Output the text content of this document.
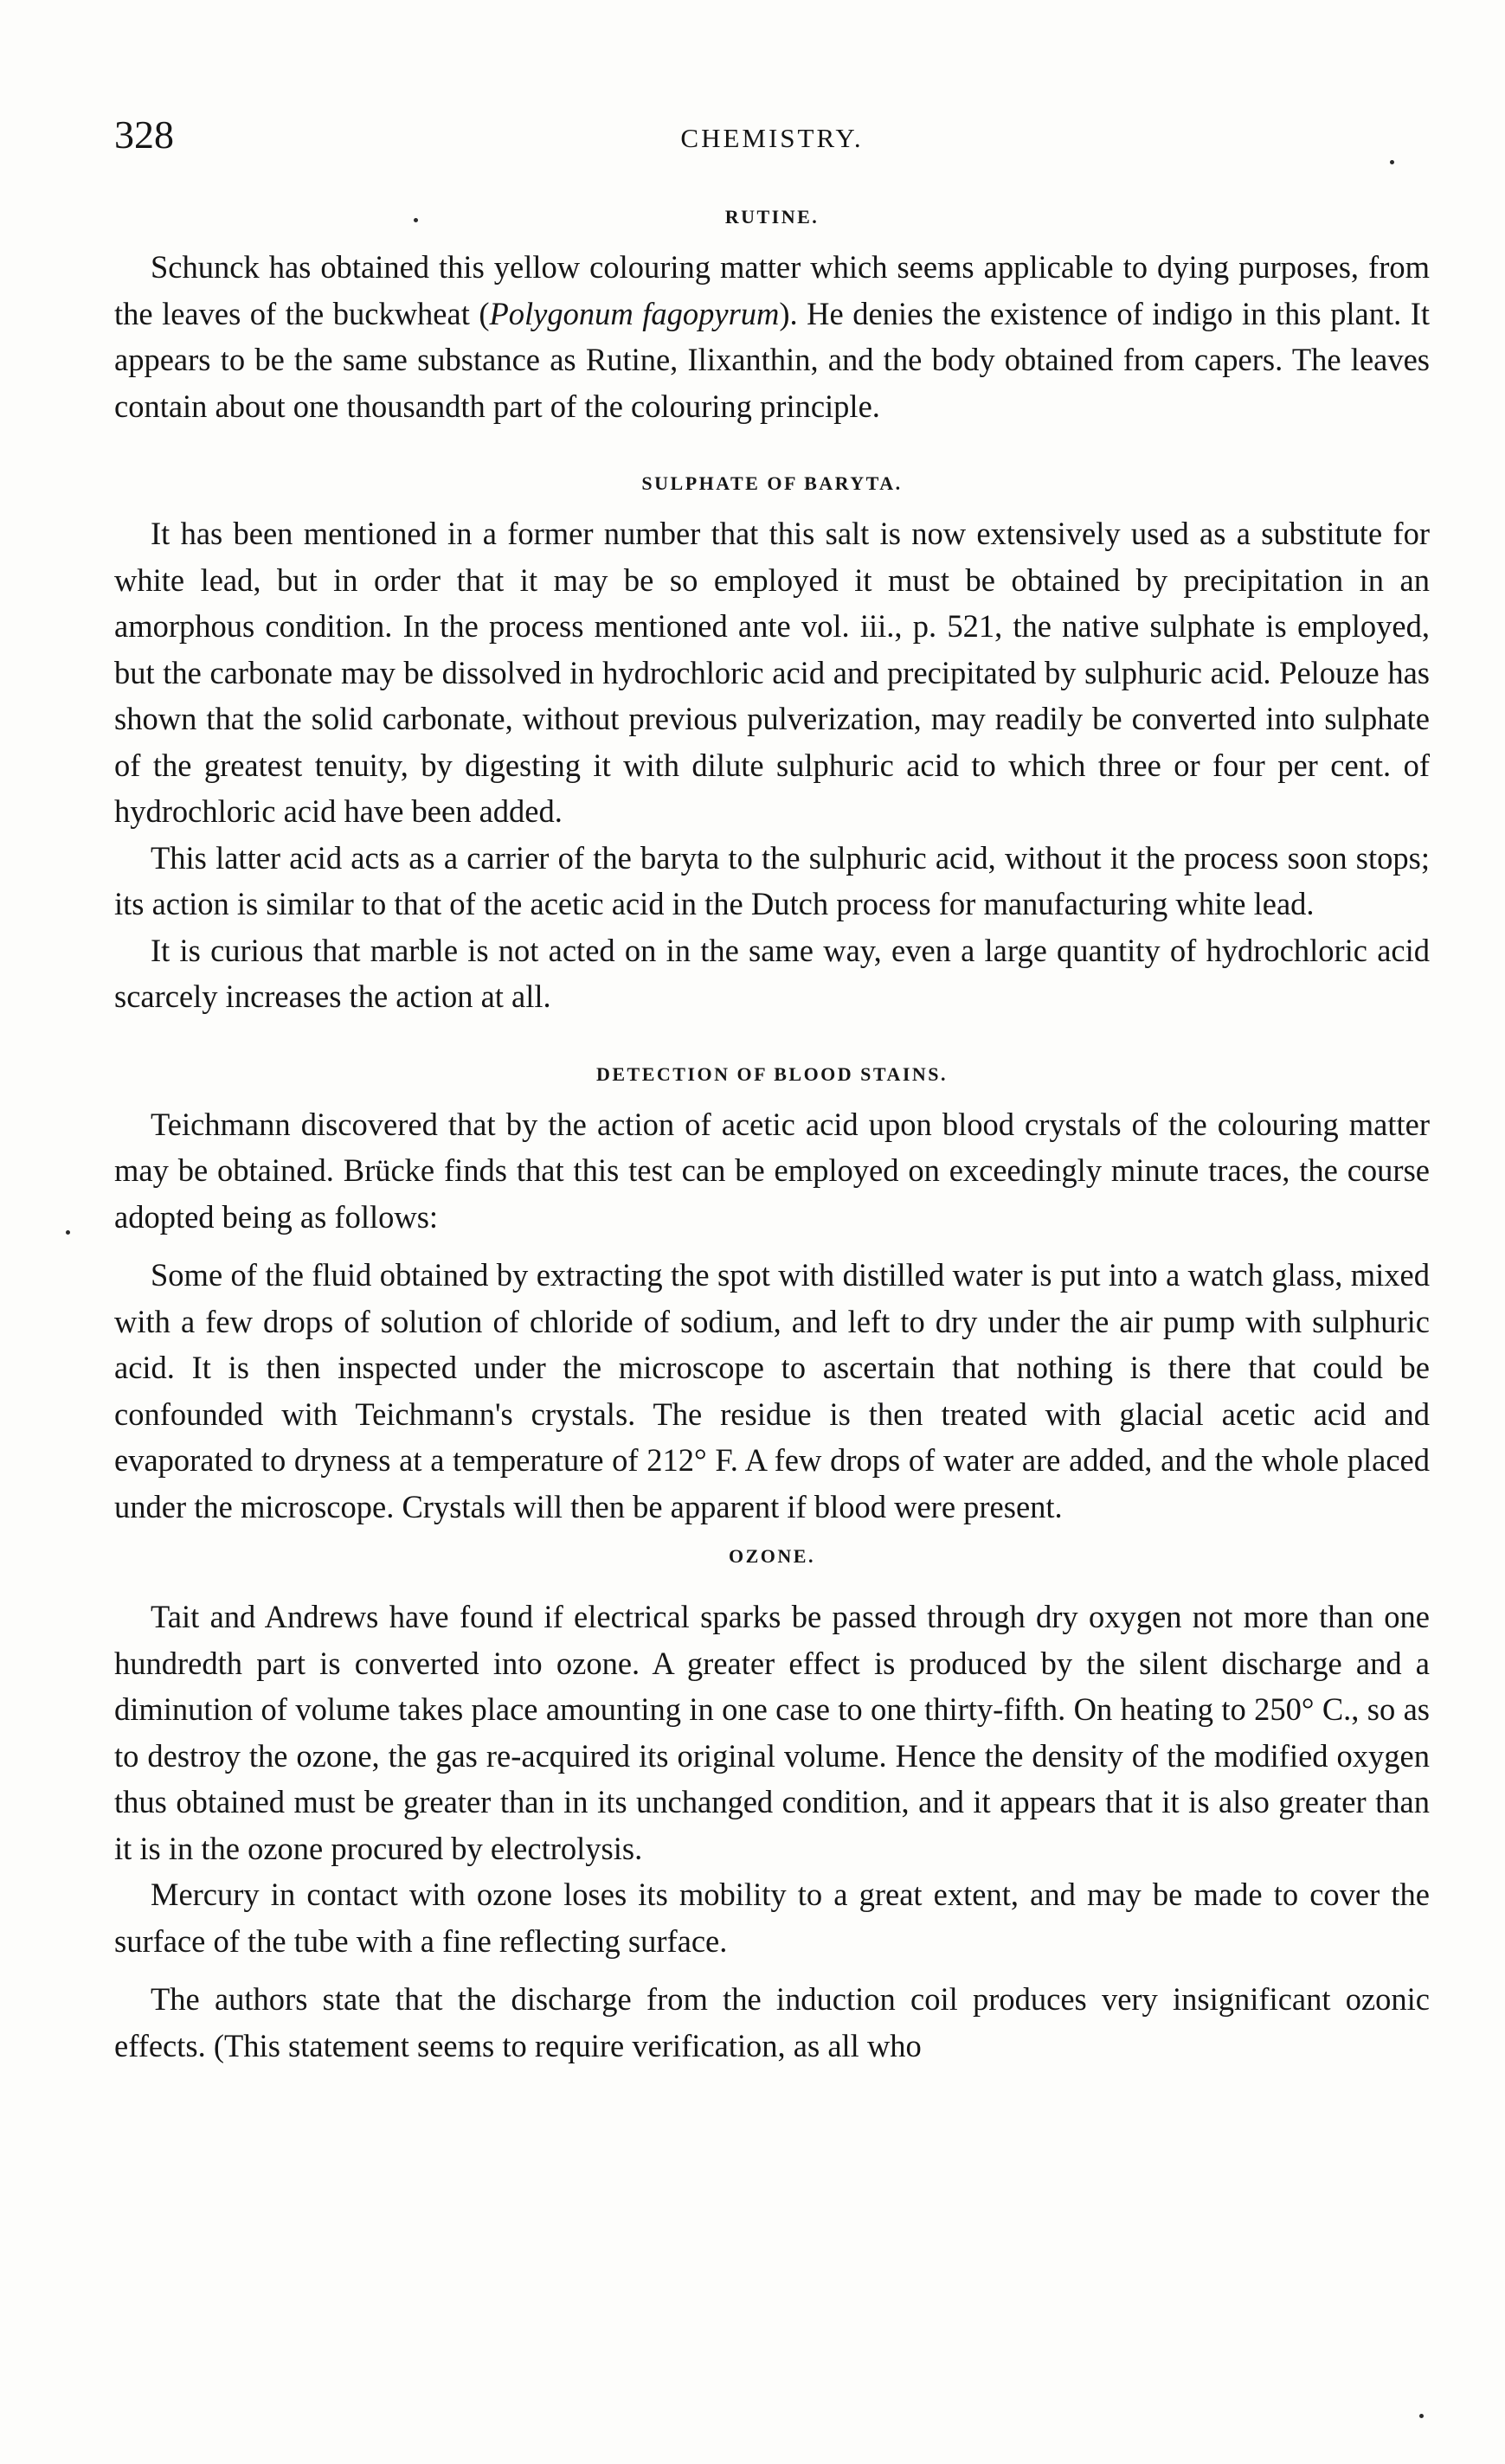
328	CHEMISTRY.
RUTINE.

Schunck has obtained this yellow colouring matter which seems applicable to dying purposes, from the leaves of the buckwheat (Polygonum fagopyrum). He denies the existence of indigo in this plant. It appears to be the same substance as Rutine, Ilixanthin, and the body obtained from capers. The leaves contain about one thousandth part of the colouring principle.

SULPHATE OF BARYTA.

It has been mentioned in a former number that this salt is now extensively used as a substitute for white lead, but in order that it may be so employed it must be obtained by precipitation in an amorphous condition. In the process mentioned ante vol. iii., p. 521, the native sulphate is employed, but the carbonate may be dissolved in hydrochloric acid and precipitated by sulphuric acid. Pelouze has shown that the solid carbonate, without previous pulverization, may readily be converted into sulphate of the greatest tenuity, by digesting it with dilute sulphuric acid to which three or four per cent. of hydrochloric acid have been added.

This latter acid acts as a carrier of the baryta to the sulphuric acid, without it the process soon stops; its action is similar to that of the acetic acid in the Dutch process for manufacturing white lead.

It is curious that marble is not acted on in the same way, even a large quantity of hydrochloric acid scarcely increases the action at all.

DETECTION OF BLOOD STAINS.

Teichmann discovered that by the action of acetic acid upon blood crystals of the colouring matter may be obtained. Brücke finds that this test can be employed on exceedingly minute traces, the course adopted being as follows:

Some of the fluid obtained by extracting the spot with distilled water is put into a watch glass, mixed with a few drops of solution of chloride of sodium, and left to dry under the air pump with sulphuric acid. It is then inspected under the microscope to ascertain that nothing is there that could be confounded with Teichmann's crystals. The residue is then treated with glacial acetic acid and evaporated to dryness at a temperature of 212° F. A few drops of water are added, and the whole placed under the microscope. Crystals will then be apparent if blood were present.

OZONE.

Tait and Andrews have found if electrical sparks be passed through dry oxygen not more than one hundredth part is converted into ozone. A greater effect is produced by the silent discharge and a diminution of volume takes place amounting in one case to one thirty-fifth. On heating to 250° C., so as to destroy the ozone, the gas re-acquired its original volume. Hence the density of the modified oxygen thus obtained must be greater than in its unchanged condition, and it appears that it is also greater than it is in the ozone procured by electrolysis.

Mercury in contact with ozone loses its mobility to a great extent, and may be made to cover the surface of the tube with a fine reflecting surface.

The authors state that the discharge from the induction coil produces very insignificant ozonic effects. (This statement seems to require verification, as all who
